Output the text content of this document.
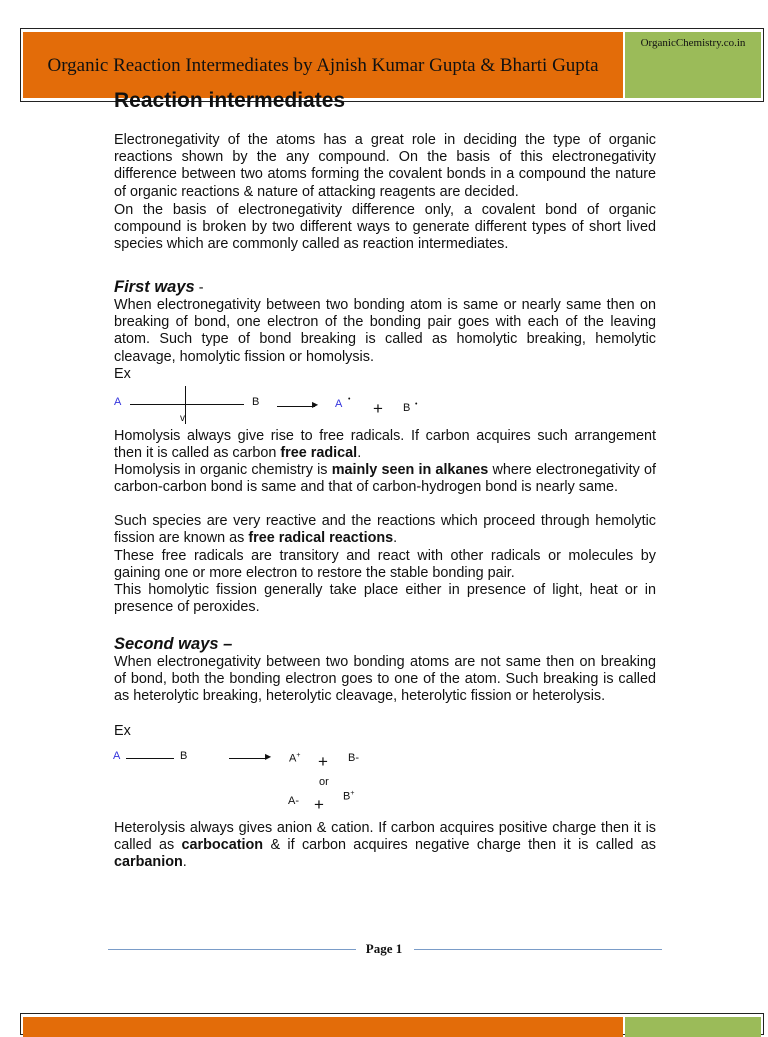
Organic Reaction Intermediates by Ajnish Kumar Gupta & Bharti Gupta
OrganicChemistry.co.in
Reaction intermediates
Electronegativity of the atoms has a great role in deciding the type of organic reactions shown by the any compound. On the basis of this electronegativity difference between two atoms forming the covalent bonds in a compound the nature of organic reactions & nature of attacking reagents are decided.
On the basis of electronegativity difference only, a covalent bond of organic compound is broken by two different ways to generate different types of short lived species which are commonly called as reaction intermediates.
First ways -
When electronegativity between two bonding atom is same or nearly same then on breaking of bond, one electron of the bonding pair goes with each of the leaving atom. Such type of bond breaking is called as homolytic breaking, hemolytic cleavage, homolytic fission or homolysis.
Ex
A
v
B	▶ A • + B •
Homolysis always give rise to free radicals. If carbon acquires such arrangement then it is called as carbon free radical.
Homolysis in organic chemistry is mainly seen in alkanes where electronegativity of carbon-carbon bond is same and that of carbon-hydrogen bond is nearly same.
Such species are very reactive and the reactions which proceed through hemolytic fission are known as free radical reactions.
These free radicals are transitory and react with other radicals or molecules by gaining one or more electron to restore the stable bonding pair.
This homolytic fission generally take place either in presence of light, heat or in presence of peroxides.
Second ways –
When electronegativity between two bonding atoms are not same then on breaking of bond, both the bonding electron goes to one of the atom. Such breaking is called as heterolytic breaking, heterolytic cleavage, heterolytic fission or heterolysis.
Ex
A	B	▶ A+ + B-
or
A- + B+
Heterolysis always gives anion & cation. If carbon acquires positive charge then it is called as carbocation & if carbon acquires negative charge then it is called as carbanion.
Page 1
